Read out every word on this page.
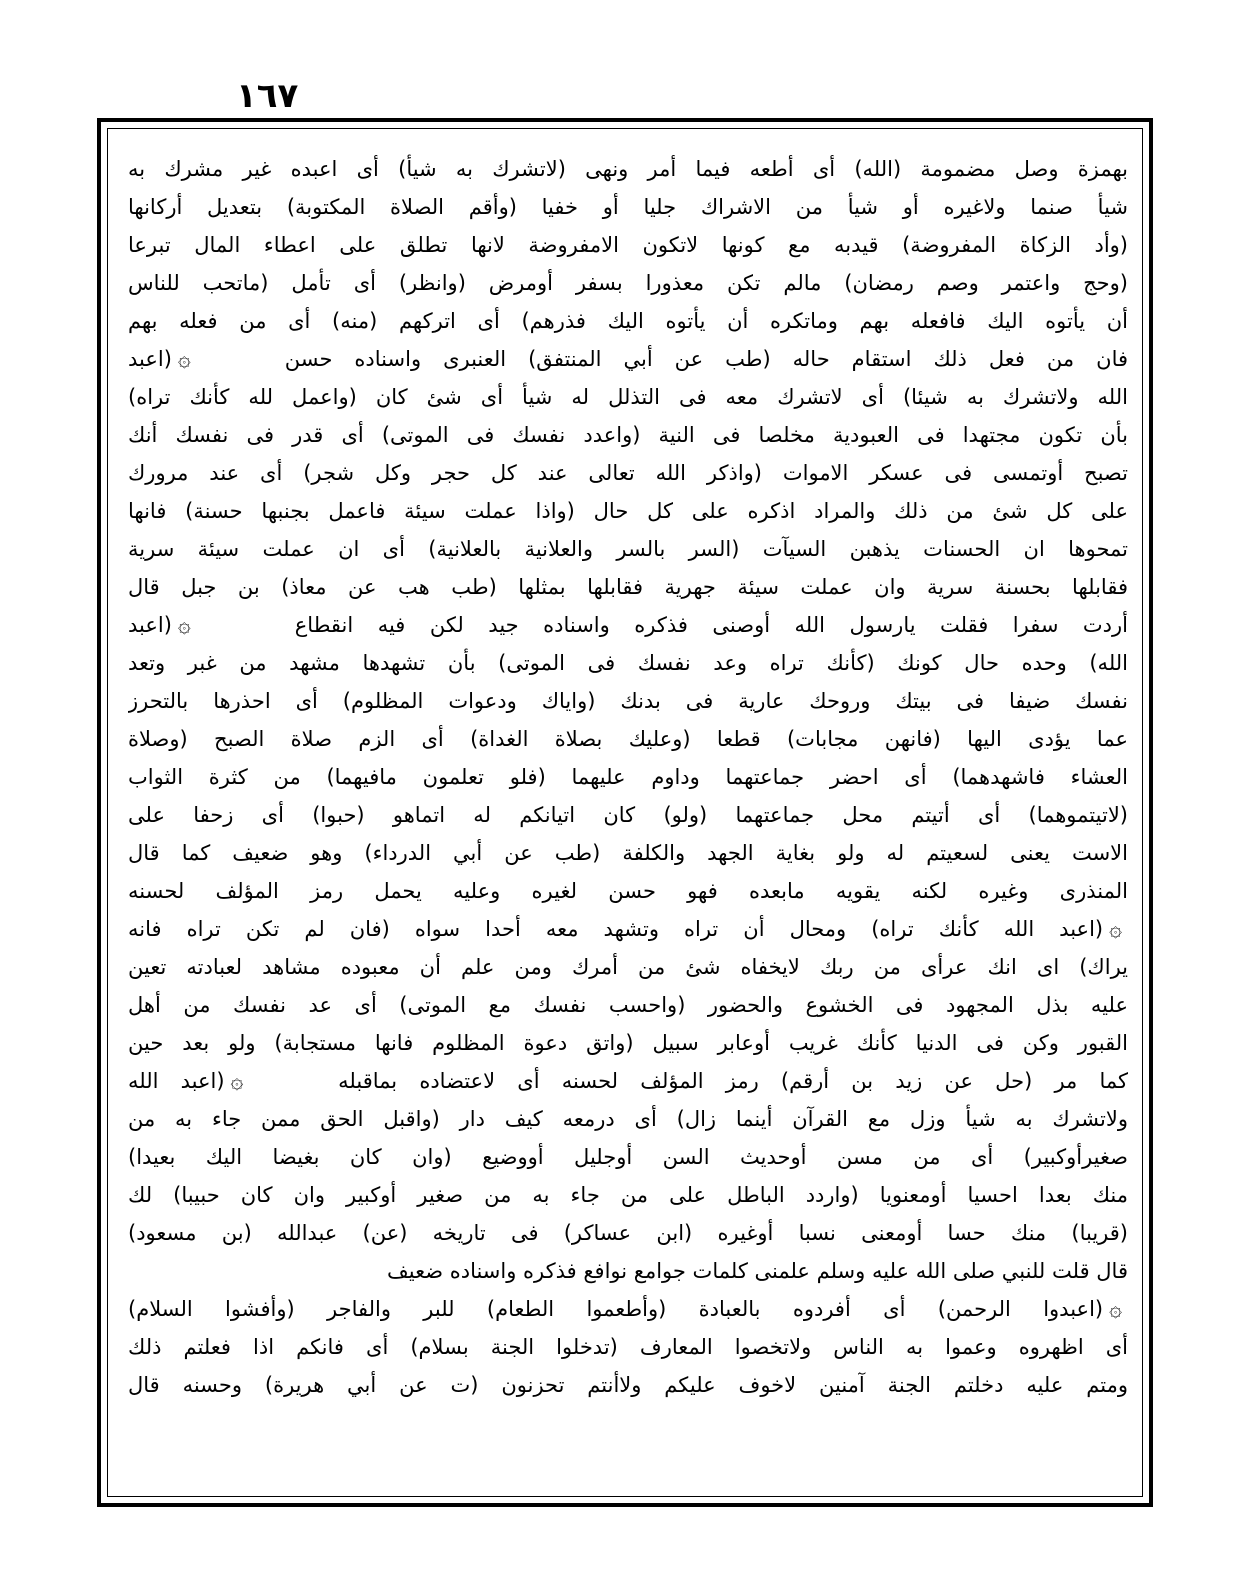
١٦٧
بهمزة وصل مضمومة (الله) أى أطعه فيما أمر ونهى (لاتشرك به شيأ) أى اعبده غير مشرك به
شيأ صنما ولاغيره أو شيأ من الاشراك جليا أو خفيا (وأقم الصلاة المكتوبة) بتعديل أركانها
(وأد الزكاة المفروضة) قيدبه مع كونها لاتكون الامفروضة لانها تطلق على اعطاء المال تبرعا
(وحج واعتمر وصم رمضان) مالم تكن معذورا بسفر أومرض (وانظر) أى تأمل (ماتحب للناس
أن يأتوه اليك فافعله بهم وماتكره أن يأتوه اليك فذرهم) أى اتركهم (منه) أى من فعله بهم
فان من فعل ذلك استقام حاله (طب عن أبي المنتفق) العنبرى واسناده حسن    ۞(اعبد
الله ولاتشرك به شيئا) أى لاتشرك معه فى التذلل له شيأ أى شئ كان (واعمل لله كأنك تراه)
بأن تكون مجتهدا فى العبودية مخلصا فى النية (واعدد نفسك فى الموتى) أى قدر فى نفسك أنك
تصبح أوتمسى فى عسكر الاموات (واذكر الله تعالى عند كل حجر وكل شجر) أى عند مرورك
على كل شئ من ذلك والمراد اذكره على كل حال (واذا عملت سيئة فاعمل بجنبها حسنة) فانها
تمحوها ان الحسنات يذهبن السيآت (السر بالسر والعلانية بالعلانية) أى ان عملت سيئة سرية
فقابلها بحسنة سرية وان عملت سيئة جهرية فقابلها بمثلها (طب هب عن معاذ) بن جبل قال
أردت سفرا فقلت يارسول الله أوصنى فذكره واسناده جيد لكن فيه انقطاع    ۞(اعبد
الله) وحده حال كونك (كأنك تراه وعد نفسك فى الموتى) بأن تشهدها مشهد من غبر وتعد
نفسك ضيفا فى بيتك وروحك عارية فى بدنك (واياك ودعوات المظلوم) أى احذرها بالتحرز
عما يؤدى اليها (فانهن مجابات) قطعا (وعليك بصلاة الغداة) أى الزم صلاة الصبح (وصلاة
العشاء فاشهدهما) أى احضر جماعتهما وداوم عليهما (فلو تعلمون مافيهما) من كثرة الثواب
(لاتيتموهما) أى أتيتم محل جماعتهما (ولو) كان اتيانكم له اتماهو (حبوا) أى زحفا على
الاست يعنى لسعيتم له ولو بغاية الجهد والكلفة (طب عن أبي الدرداء) وهو ضعيف كما قال
المنذرى وغيره لكنه يقويه مابعده فهو حسن لغيره وعليه يحمل رمز المؤلف لحسنه
۞(اعبد الله كأنك تراه) ومحال أن تراه وتشهد معه أحدا سواه (فان لم تكن تراه فانه
يراك) اى انك عرأى من ربك لايخفاه شئ من أمرك ومن علم أن معبوده مشاهد لعبادته تعين
عليه بذل المجهود فى الخشوع والحضور (واحسب نفسك مع الموتى) أى عد نفسك من أهل
القبور وكن فى الدنيا كأنك غريب أوعابر سبيل (واتق دعوة المظلوم فانها مستجابة) ولو بعد حين
كما مر (حل عن زيد بن أرقم) رمز المؤلف لحسنه أى لاعتضاده بماقبله    ۞(اعبد الله
ولاتشرك به شيأ وزل مع القرآن أينما زال) أى درمعه كيف دار (واقبل الحق ممن جاء به من
صغيرأوكبير) أى من مسن أوحديث السن أوجليل أووضيع (وان كان بغيضا اليك بعيدا)
منك بعدا احسيا أومعنويا (واردد الباطل على من جاء به من صغير أوكبير وان كان حبيبا) لك
(قريبا) منك حسا أومعنى نسبا أوغيره (ابن عساكر) فى تاريخه (عن) عبدالله (بن مسعود)
قال قلت للنبي صلى الله عليه وسلم علمنى كلمات جوامع نوافع فذكره واسناده ضعيف
۞(اعبدوا الرحمن) أى أفردوه بالعبادة (وأطعموا الطعام) للبر والفاجر (وأفشوا السلام)
أى اظهروه وعموا به الناس ولاتخصوا المعارف (تدخلوا الجنة بسلام) أى فانكم اذا فعلتم ذلك
ومتم عليه دخلتم الجنة آمنين لاخوف عليكم ولاأنتم تحزنون (ت عن أبي هريرة) وحسنه قال
